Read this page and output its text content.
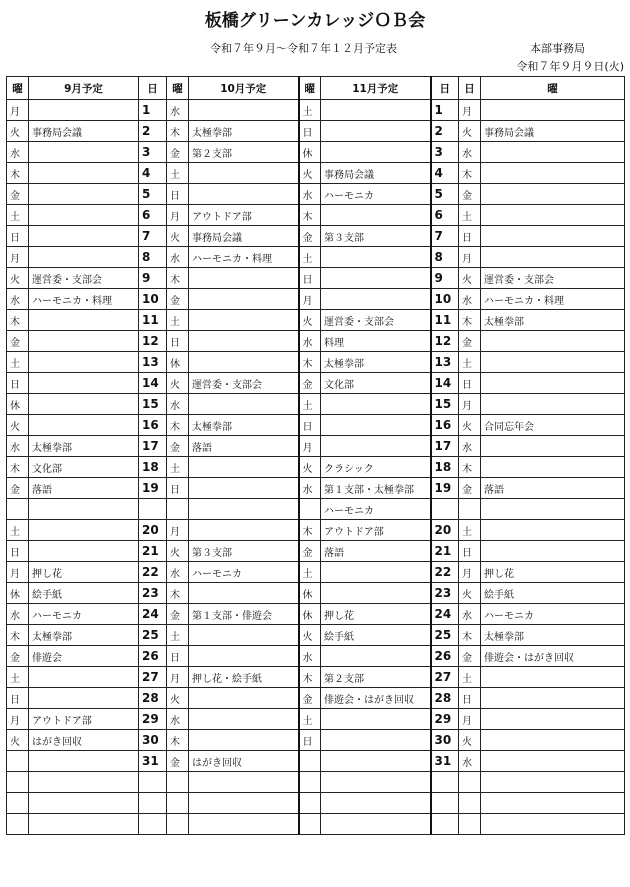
板橋グリーンカレッジＯＢ会
令和７年９月～令和７年１２月予定表	本部事務局
令和７年９月９日(火)
曜	9月予定	日	曜	10月予定	曜	11月予定	日	日	曜
月		1	水		土		1	月	
火	事務局会議	2	木	太極拳部	日		2	火	事務局会議
水		3	金	第２支部	休		3	水	
木		4	土		火	事務局会議	4	木	
金		5	日		水	ハーモニカ	5	金	
土		6	月	アウトドア部	木		6	土	
日		7	火	事務局会議	金	第３支部	7	日	
月		8	水	ハーモニカ・料理	土		8	月	
火	運営委・支部会	9	木		日		9	火	運営委・支部会
水	ハーモニカ・料理	10	金		月		10	水	ハーモニカ・料理
木		11	土		火	運営委・支部会	11	木	太極拳部
金		12	日		水	料理	12	金	
土		13	休		木	太極拳部	13	土	
日		14	火	運営委・支部会	金	文化部	14	日	
休		15	水		土		15	月	
火		16	木	太極拳部	日		16	火	合同忘年会
水	太極拳部	17	金	落語	月		17	水	
木	文化部	18	土		火	クラシック	18	木	
金	落語	19	日		水	第１支部・太極拳部	19	金	落語
						ハーモニカ			
土		20	月		木	アウトドア部	20	土	
日		21	火	第３支部	金	落語	21	日	
月	押し花	22	水	ハーモニカ	土		22	月	押し花
休	絵手紙	23	木		休		23	火	絵手紙
水	ハーモニカ	24	金	第１支部・俳遊会	休	押し花	24	水	ハーモニカ
木	太極拳部	25	土		火	絵手紙	25	木	太極拳部
金	俳遊会	26	日		水		26	金	俳遊会・はがき回収
土		27	月	押し花・絵手紙	木	第２支部	27	土	
日		28	火		金	俳遊会・はがき回収	28	日	
月	アウトドア部	29	水		土		29	月	
火	はがき回収	30	木		日		30	火	
		31	金	はがき回収			31	水	
